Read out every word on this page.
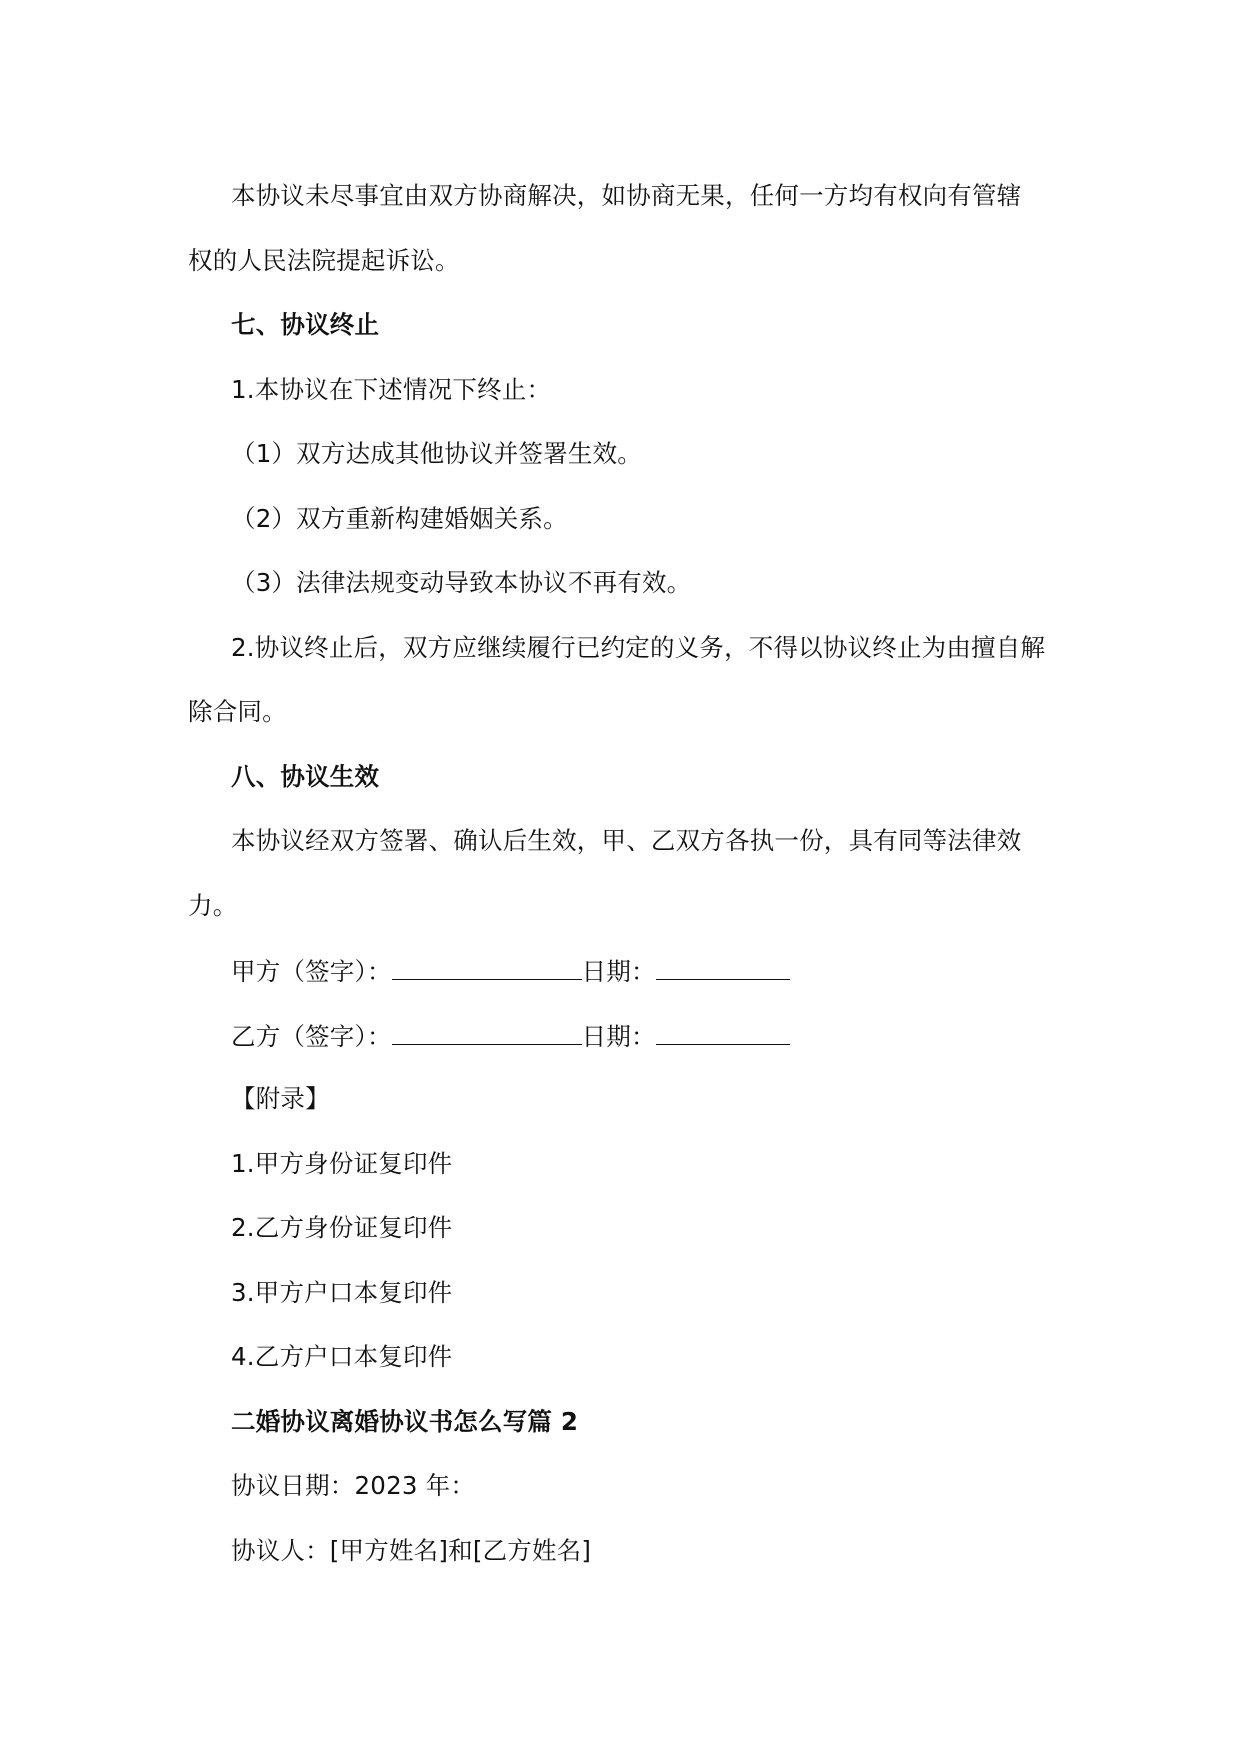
本协议未尽事宜由双方协商解决，如协商无果，任何一方均有权向有管辖
权的人民法院提起诉讼。
七、协议终止
1.本协议在下述情况下终止：
（1）双方达成其他协议并签署生效。
（2）双方重新构建婚姻关系。
（3）法律法规变动导致本协议不再有效。
2.协议终止后，双方应继续履行已约定的义务，不得以协议终止为由擅自解
除合同。
八、协议生效
本协议经双方签署、确认后生效，甲、乙双方各执一份，具有同等法律效
力。
甲方（签字）：	日期：
乙方（签字）：	日期：
【附录】
1.甲方身份证复印件
2.乙方身份证复印件
3.甲方户口本复印件
4.乙方户口本复印件
二婚协议离婚协议书怎么写篇 2
协议日期：2023 年：
协议人：[甲方姓名]和[乙方姓名]
